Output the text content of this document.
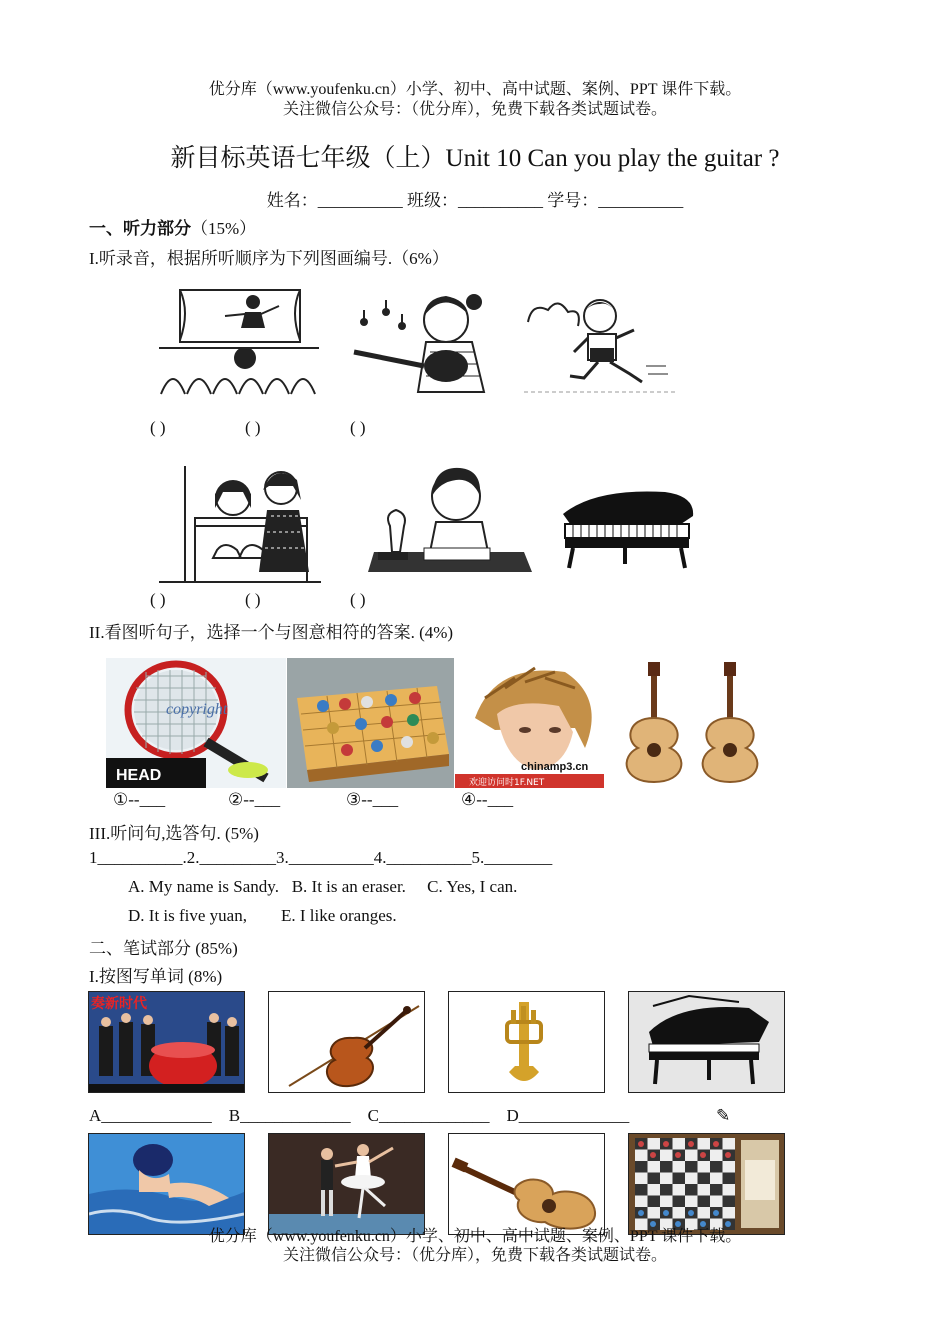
优分库（www.youfenku.cn）小学、初中、高中试题、案例、PPT 课件下载。
关注微信公众号：（优分库），免费下载各类试题试卷。
新目标英语七年级（上）Unit 10 Can you play the guitar ?
姓名：__________ 班级：__________ 学号：__________
一、听力部分（15%）
I.听录音，根据所听顺序为下列图画编号.（6%）
( )	( )	( )
( )	( )	( )
II.看图听句子，选择一个与图意相符的答案. (4%)
HEAD
copyright
chinamp3.cn
欢迎访问时1F.NET
①--___	②--___	③--___	④--___
III.听问句,选答句. (5%)
1__________.2._________3.__________4.__________5.________
A. My name is Sandy.   B. It is an eraser.     C. Yes, I can.
D. It is five yuan,        E. I like oranges.
二、笔试部分 (85%)
I.按图写单词 (8%)
奏新时代
A_____________    B_____________    C_____________    D_____________	✎
优分库（www.youfenku.cn）小学、初中、高中试题、案例、PPT 课件下载。
关注微信公众号：（优分库），免费下载各类试题试卷。
